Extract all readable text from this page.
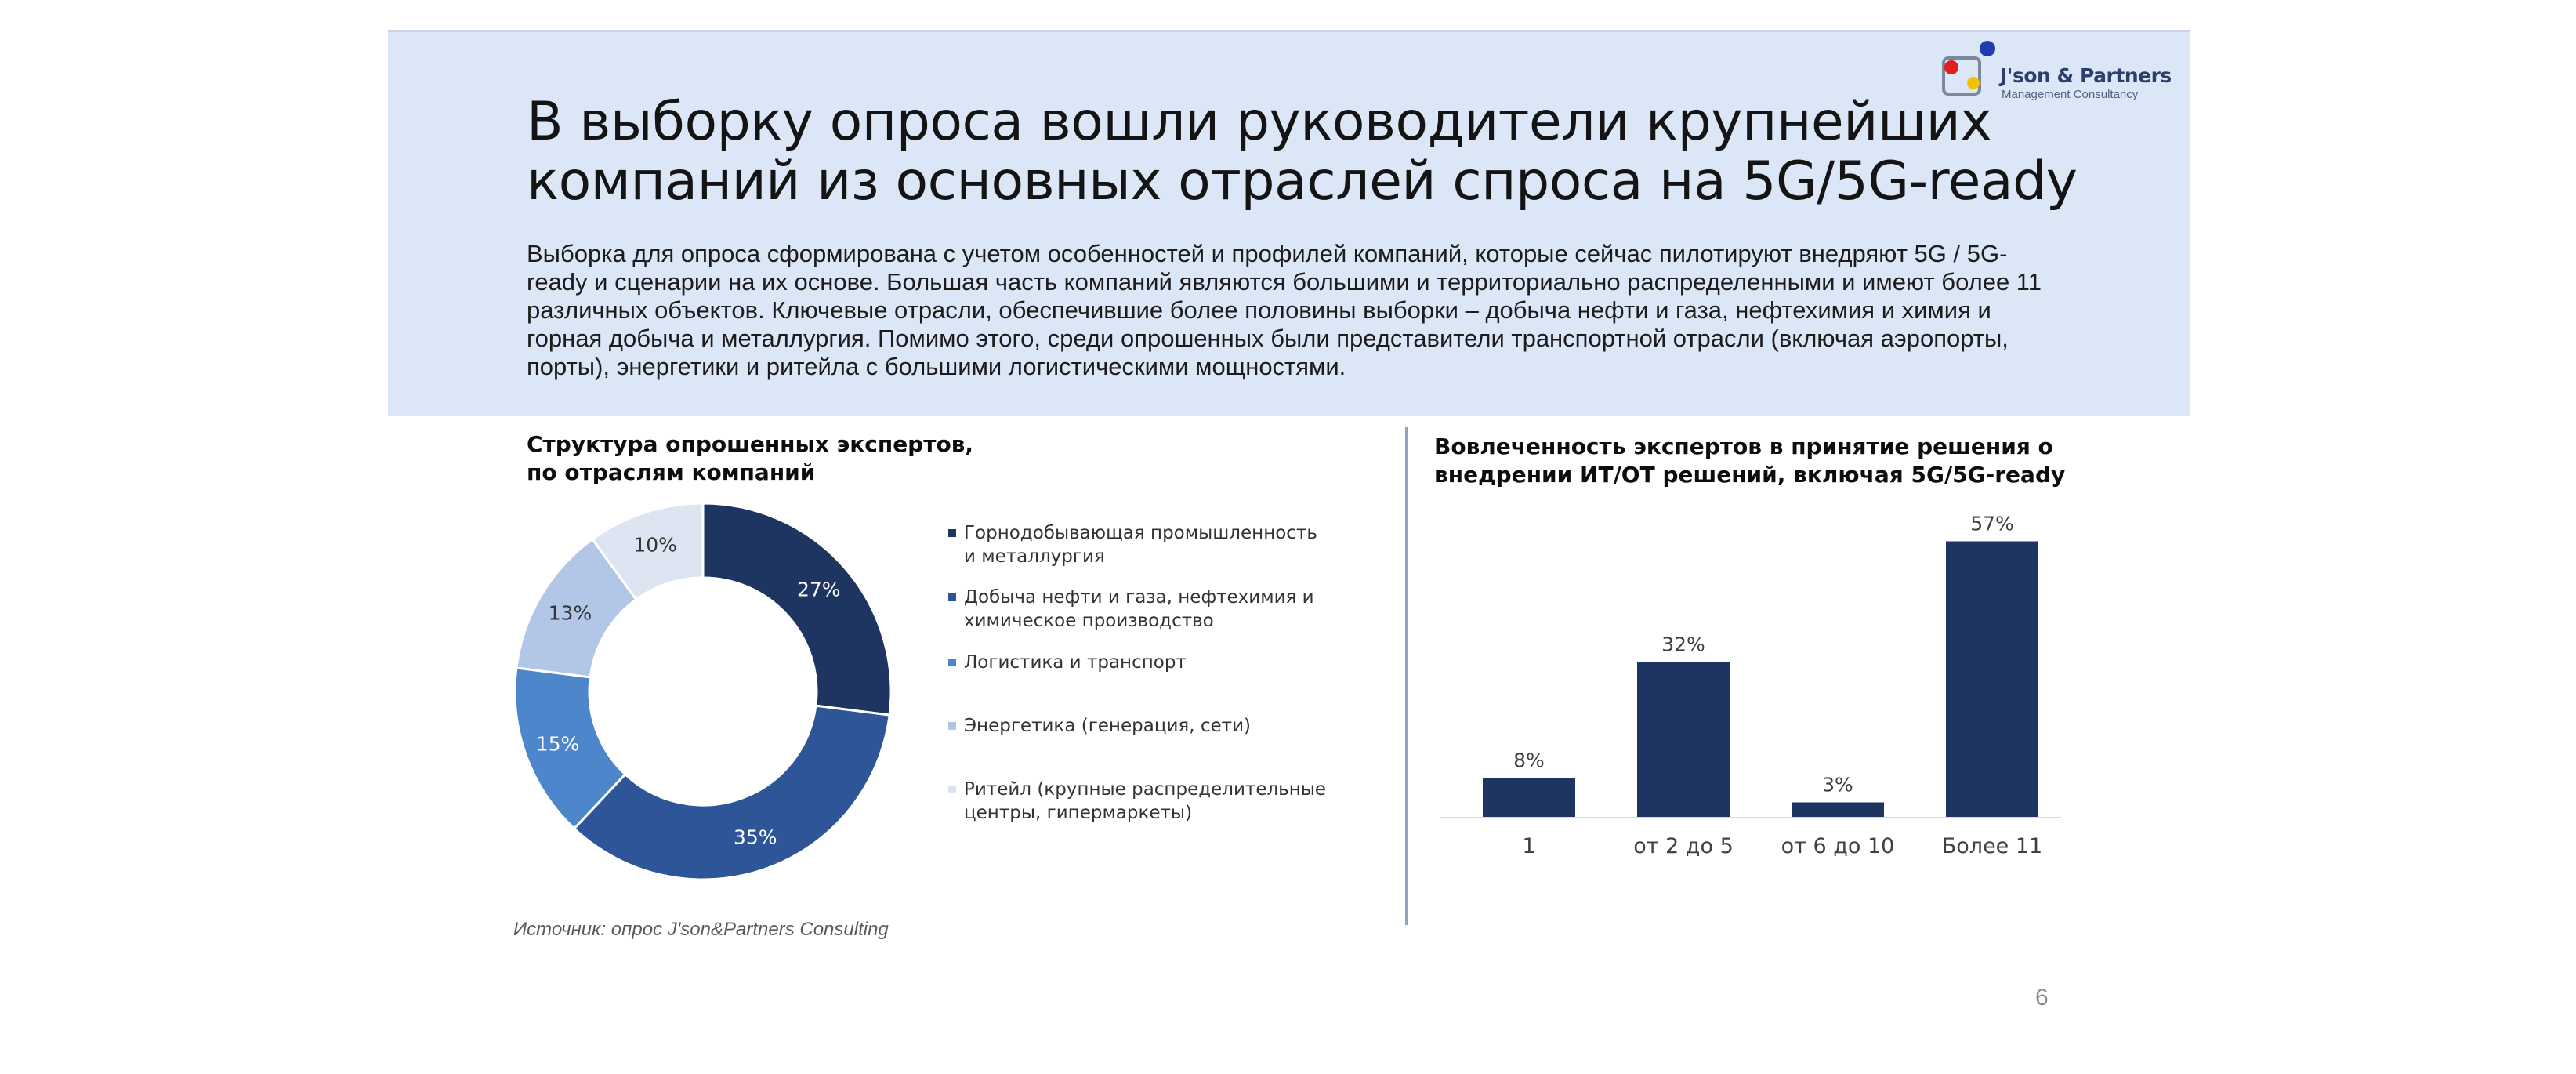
В выборку опроса вошли руководители крупнейших
компаний из основных отраслей спроса на 5G/5G-ready

Выборка для опроса сформирована с учетом особенностей и профилей компаний, которые сейчас пилотируют внедряют 5G / 5G-
ready и сценарии на их основе. Большая часть компаний являются большими и территориально распределенными и имеют более 11
различных объектов. Ключевые отрасли, обеспечившие более половины выборки – добыча нефти и газа, нефтехимия и химия и
горная добыча и металлургия. Помимо этого, среди опрошенных были представители транспортной отрасли (включая аэропорты,
порты), энергетики и ритейла с большими логистическими мощностями.

J'son & Partners
Management Consultancy
Структура опрошенных экспертов,
по отраслям компаний
27%
35%
15%
13%
10%
Горнодобывающая промышленность
и металлургия
Добыча нефти и газа, нефтехимия и
химическое производство
Логистика и транспорт
Энергетика (генерация, сети)
Ритейл (крупные распределительные
центры, гипермаркеты)
Вовлеченность экспертов в принятие решения о
внедрении ИТ/ОТ решений, включая 5G/5G-ready
8%
1
32%
от 2 до 5
3%
от 6 до 10
57%
Более 11
Источник: опрос J'son&Partners Consulting
6
